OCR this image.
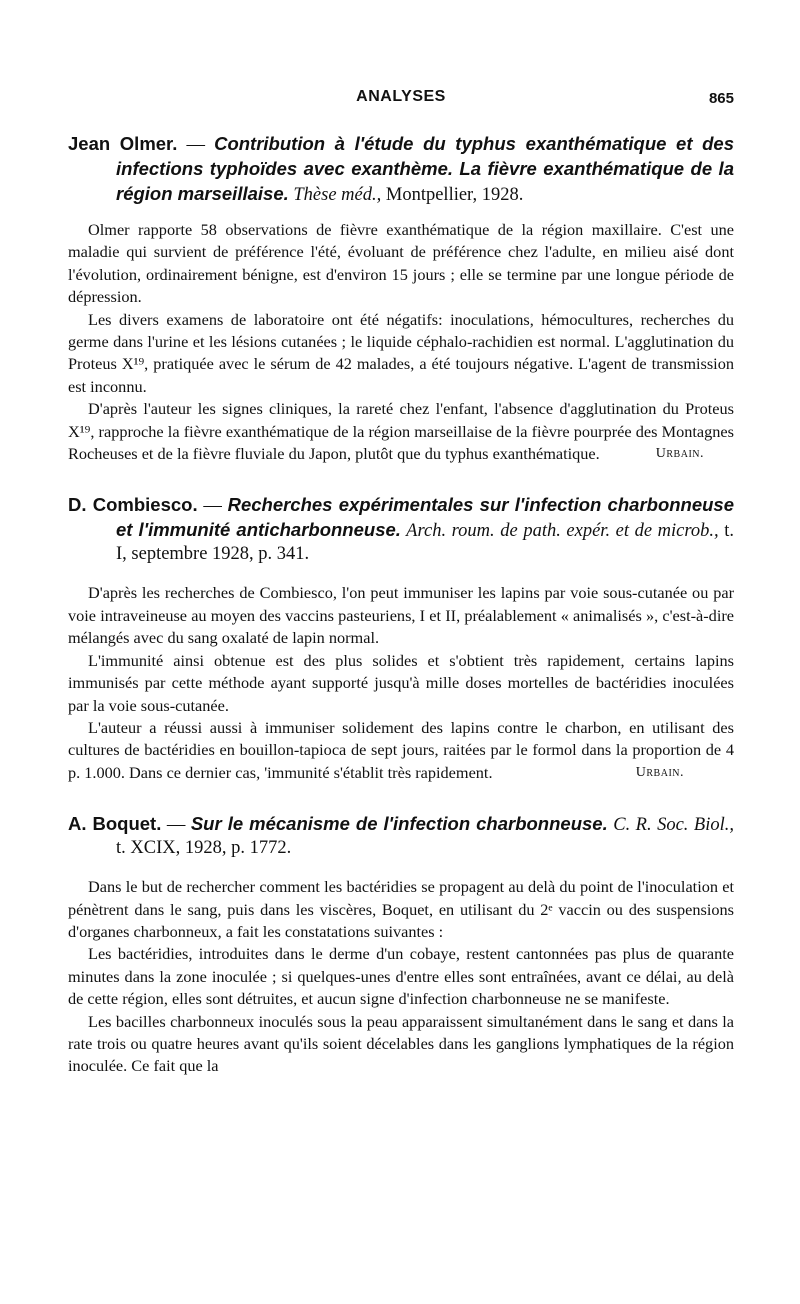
ANALYSES	865

Jean Olmer. — Contribution à l'étude du typhus exanthématique et des infections typhoïdes avec exanthème. La fièvre exanthématique de la région marseillaise. Thèse méd., Montpellier, 1928.

Olmer rapporte 58 observations de fièvre exanthématique de la région maxillaire. C'est une maladie qui survient de préférence l'été, évoluant de préférence chez l'adulte, en milieu aisé dont l'évolution, ordinairement bénigne, est d'environ 15 jours ; elle se termine par une longue période de dépression.

Les divers examens de laboratoire ont été négatifs: inoculations, hémocultures, recherches du germe dans l'urine et les lésions cutanées ; le liquide céphalo-rachidien est normal. L'agglutination du Proteus X¹⁹, pratiquée avec le sérum de 42 malades, a été toujours négative. L'agent de transmission est inconnu.

D'après l'auteur les signes cliniques, la rareté chez l'enfant, l'absence d'agglutination du Proteus X¹⁹, rapproche la fièvre exanthématique de la région marseillaise de la fièvre pourprée des Montagnes Rocheuses et de la fièvre fluviale du Japon, plutôt que du typhus exanthématique.	Urbain.

D. Combiesco. — Recherches expérimentales sur l'infection charbonneuse et l'immunité anticharbonneuse. Arch. roum. de path. expér. et de microb., t. I, septembre 1928, p. 341.

D'après les recherches de Combiesco, l'on peut immuniser les lapins par voie sous-cutanée ou par voie intraveineuse au moyen des vaccins pasteuriens, I et II, préalablement « animalisés », c'est-à-dire mélangés avec du sang oxalaté de lapin normal.

L'immunité ainsi obtenue est des plus solides et s'obtient très rapidement, certains lapins immunisés par cette méthode ayant supporté jusqu'à mille doses mortelles de bactéridies inoculées par la voie sous-cutanée.

L'auteur a réussi aussi à immuniser solidement des lapins contre le charbon, en utilisant des cultures de bactéridies en bouillon-tapioca de sept jours, raitées par le formol dans la proportion de 4 p. 1.000. Dans ce dernier cas, 'immunité s'établit très rapidement.	Urbain.

A. Boquet. — Sur le mécanisme de l'infection charbonneuse. C. R. Soc. Biol., t. XCIX, 1928, p. 1772.

Dans le but de rechercher comment les bactéridies se propagent au delà du point de l'inoculation et pénètrent dans le sang, puis dans les viscères, Boquet, en utilisant du 2ᵉ vaccin ou des suspensions d'organes charbonneux, a fait les constatations suivantes :

Les bactéridies, introduites dans le derme d'un cobaye, restent cantonnées pas plus de quarante minutes dans la zone inoculée ; si quelques-unes d'entre elles sont entraînées, avant ce délai, au delà de cette région, elles sont détruites, et aucun signe d'infection charbonneuse ne se manifeste.

Les bacilles charbonneux inoculés sous la peau apparaissent simultanément dans le sang et dans la rate trois ou quatre heures avant qu'ils soient décelables dans les ganglions lymphatiques de la région inoculée. Ce fait que la
